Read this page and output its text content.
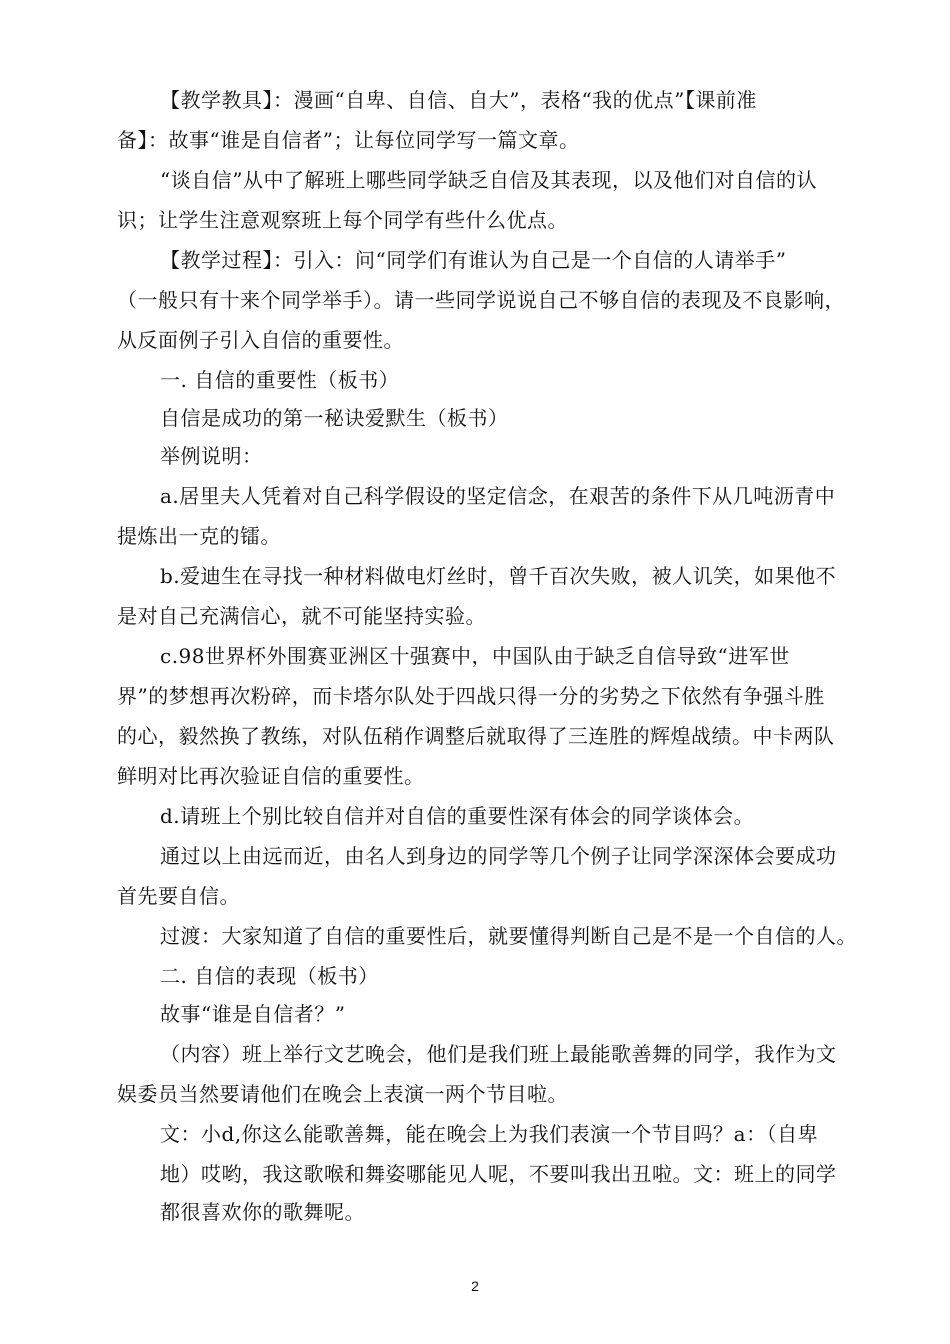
【教学教具】：漫画“自卑、自信、自大”，表格“我的优点”【课前准
备】：故事“谁是自信者”；让每位同学写一篇文章。
“谈自信”从中了解班上哪些同学缺乏自信及其表现，以及他们对自信的认
识；让学生注意观察班上每个同学有些什么优点。
【教学过程】：引入：问“同学们有谁认为自己是一个自信的人请举手”
（一般只有十来个同学举手）。请一些同学说说自己不够自信的表现及不良影响，
从反面例子引入自信的重要性。
一. 自信的重要性（板书）
自信是成功的第一秘诀爱默生（板书）
举例说明：
a.居里夫人凭着对自己科学假设的坚定信念，在艰苦的条件下从几吨沥青中
提炼出一克的镭。
b.爱迪生在寻找一种材料做电灯丝时，曾千百次失败，被人讥笑，如果他不
是对自己充满信心，就不可能坚持实验。
c.98世界杯外围赛亚洲区十强赛中，中国队由于缺乏自信导致“进军世
界”的梦想再次粉碎，而卡塔尔队处于四战只得一分的劣势之下依然有争强斗胜
的心，毅然换了教练，对队伍稍作调整后就取得了三连胜的辉煌战绩。中卡两队
鲜明对比再次验证自信的重要性。
d.请班上个别比较自信并对自信的重要性深有体会的同学谈体会。
通过以上由远而近，由名人到身边的同学等几个例子让同学深深体会要成功
首先要自信。
过渡：大家知道了自信的重要性后，就要懂得判断自己是不是一个自信的人。
二. 自信的表现（板书）
故事“谁是自信者？”
（内容）班上举行文艺晚会，他们是我们班上最能歌善舞的同学，我作为文
娱委员当然要请他们在晚会上表演一两个节目啦。
文：小d,你这么能歌善舞，能在晚会上为我们表演一个节目吗？a：（自卑
地）哎哟，我这歌喉和舞姿哪能见人呢，不要叫我出丑啦。文：班上的同学
都很喜欢你的歌舞呢。
2
